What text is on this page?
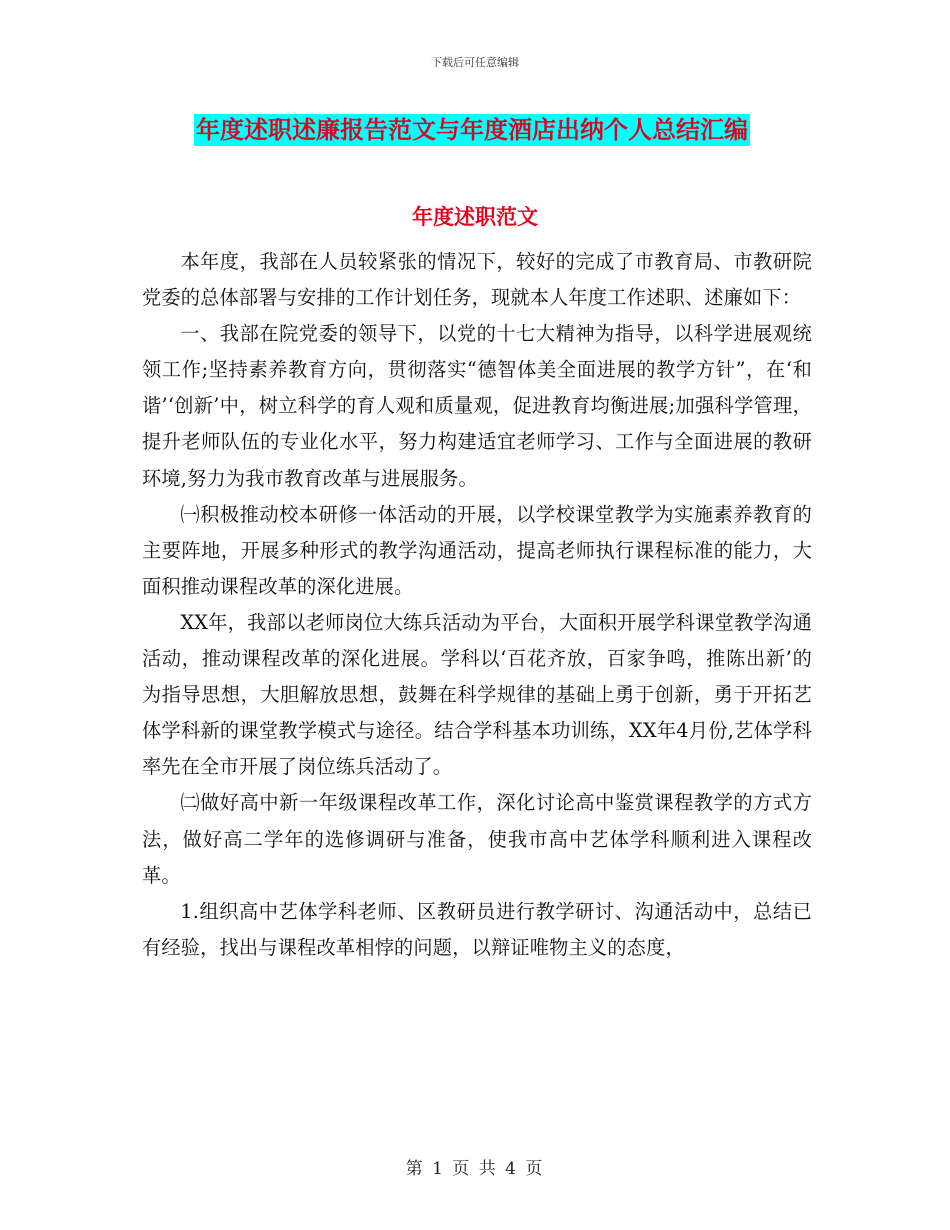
下载后可任意编辑
年度述职述廉报告范文与年度酒店出纳个人总结汇编
年度述职范文

本年度，我部在人员较紧张的情况下，较好的完成了市教育局、市教研院党委的总体部署与安排的工作计划任务，现就本人年度工作述职、述廉如下：

一、我部在院党委的领导下，以党的十七大精神为指导，以科学进展观统领工作;坚持素养教育方向，贯彻落实“德智体美全面进展的教学方针”，在‘和谐’‘创新’中，树立科学的育人观和质量观，促进教育均衡进展;加强科学管理，提升老师队伍的专业化水平，努力构建适宜老师学习、工作与全面进展的教研环境,努力为我市教育改革与进展服务。

㈠积极推动校本研修一体活动的开展，以学校课堂教学为实施素养教育的主要阵地，开展多种形式的教学沟通活动，提高老师执行课程标准的能力，大面积推动课程改革的深化进展。

XX年，我部以老师岗位大练兵活动为平台，大面积开展学科课堂教学沟通活动，推动课程改革的深化进展。学科以‘百花齐放，百家争鸣，推陈出新’的为指导思想，大胆解放思想，鼓舞在科学规律的基础上勇于创新，勇于开拓艺体学科新的课堂教学模式与途径。结合学科基本功训练，XX年4月份,艺体学科率先在全市开展了岗位练兵活动了。

㈡做好高中新一年级课程改革工作，深化讨论高中鉴赏课程教学的方式方法，做好高二学年的选修调研与准备，使我市高中艺体学科顺利进入课程改革。

1.组织高中艺体学科老师、区教研员进行教学研讨、沟通活动中，总结已有经验，找出与课程改革相悖的问题，以辩证唯物主义的态度，

第 1 页 共 4 页
